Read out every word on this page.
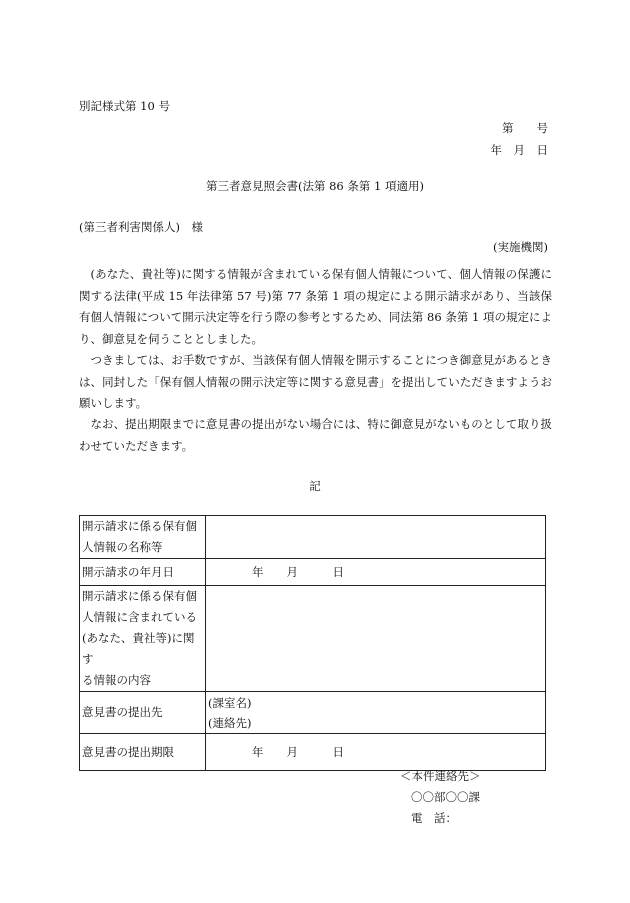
別記様式第 10 号
第　　号
年　月　日
第三者意見照会書(法第 86 条第 1 項適用)
(第三者利害関係人)　様
(実施機関)
(あなた、貴社等)に関する情報が含まれている保有個人情報について、個人情報の保護に関する法律(平成 15 年法律第 57 号)第 77 条第 1 項の規定による開示請求があり、当該保有個人情報について開示決定等を行う際の参考とするため、同法第 86 条第 1 項の規定により、御意見を伺うこととしました。
つきましては、お手数ですが、当該保有個人情報を開示することにつき御意見があるときは、同封した「保有個人情報の開示決定等に関する意見書」を提出していただきますようお願いします。
なお、提出期限までに意見書の提出がない場合には、特に御意見がないものとして取り扱わせていただきます。
記
開示請求に係る保有個
人情報の名称等	

開示請求の年月日	年　　月　　　日

開示請求に係る保有個
人情報に含まれている
(あなた、貴社等)に関す
る情報の内容	

意見書の提出先	(課室名)
(連絡先)

意見書の提出期限	年　　月　　　日
＜本件連絡先＞
〇〇部〇〇課
電　話：
